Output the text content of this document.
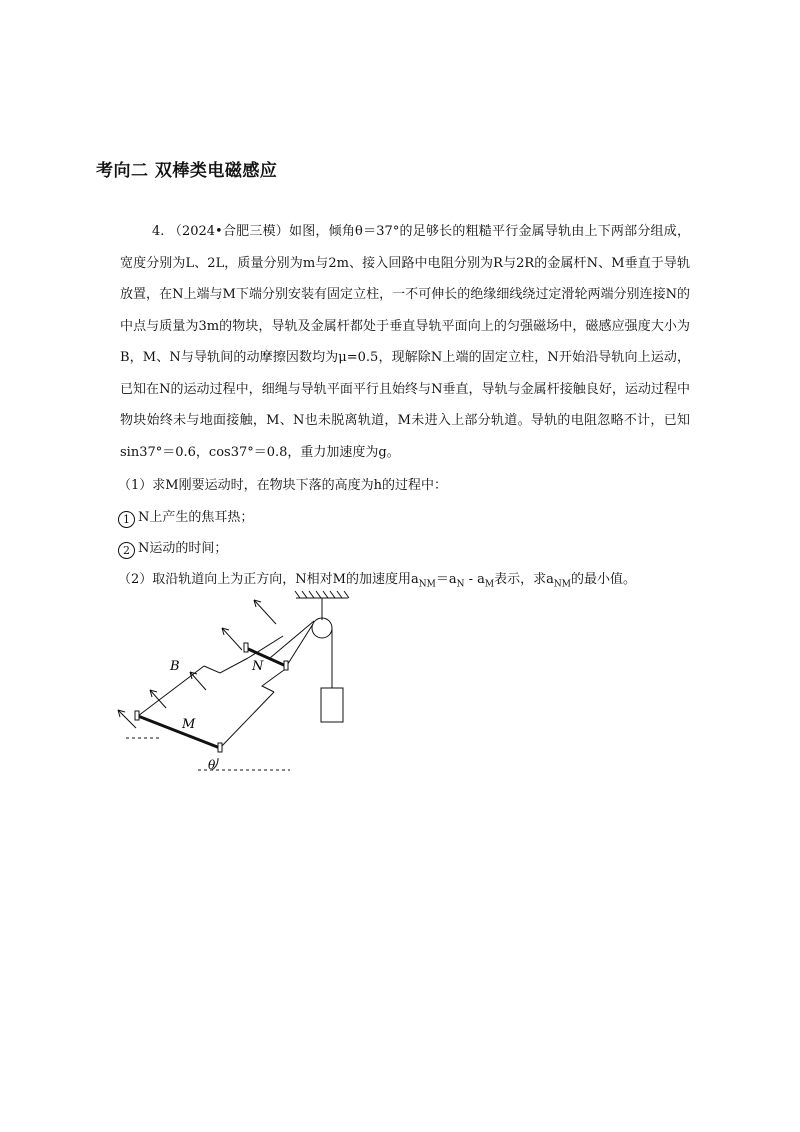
考向二 双棒类电磁感应
4. （2024•合肥三模）如图，倾角θ＝37°的足够长的粗糙平行金属导轨由上下两部分组成，宽度分别为L、2L，质量分别为m与2m、接入回路中电阻分别为R与2R的金属杆N、M垂直于导轨放置，在N上端与M下端分别安装有固定立柱，一不可伸长的绝缘细线绕过定滑轮两端分别连接N的中点与质量为3m的物块，导轨及金属杆都处于垂直导轨平面向上的匀强磁场中，磁感应强度大小为B，M、N与导轨间的动摩擦因数均为μ=0.5，现解除N上端的固定立柱，N开始沿导轨向上运动，已知在N的运动过程中，细绳与导轨平面平行且始终与N垂直，导轨与金属杆接触良好，运动过程中物块始终未与地面接触，M、N也未脱离轨道，M未进入上部分轨道。导轨的电阻忽略不计，已知sin37°＝0.6，cos37°＝0.8，重力加速度为g。
（1）求M刚要运动时，在物块下落的高度为h的过程中：
1 N上产生的焦耳热；
2 N运动的时间；
（2）取沿轨道向上为正方向，N相对M的加速度用$a_{NM}=a_N - a_M$表示，求$a_{NM}$的最小值。
B	N
M
θ
